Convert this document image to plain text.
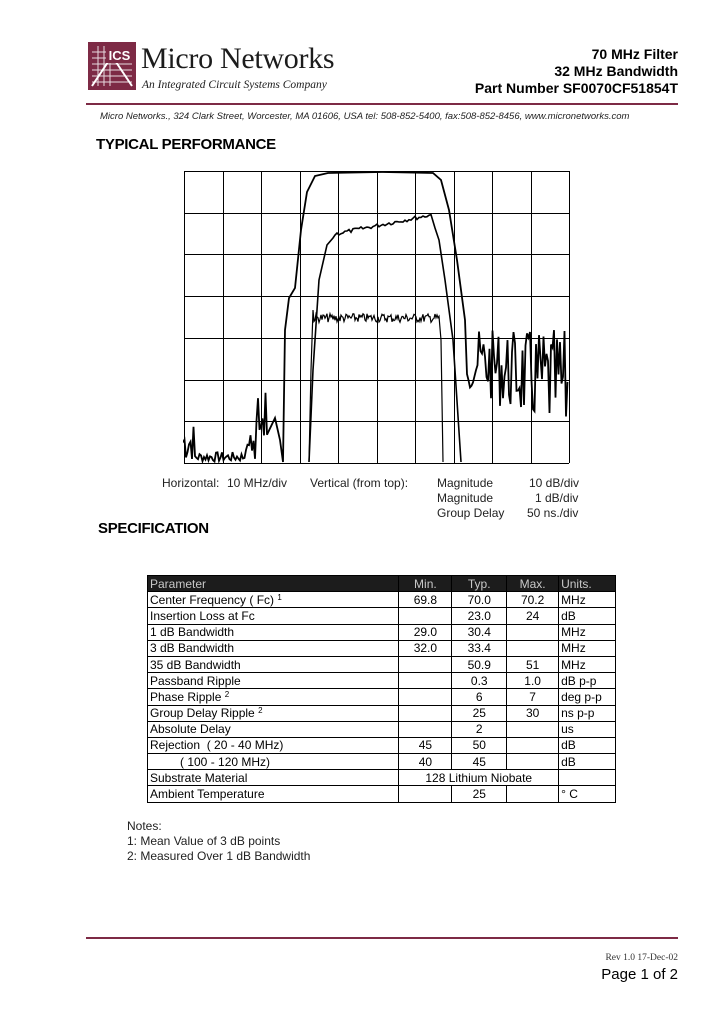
ICS Micro Networks
An Integrated Circuit Systems Company
70 MHz Filter
32 MHz Bandwidth
Part Number SF0070CF51854T
Micro Networks., 324 Clark Street, Worcester, MA 01606, USA tel: 508-852-5400, fax:508-852-8456, www.micronetworks.com
TYPICAL PERFORMANCE
Horizontal: 10 MHz/div Vertical (from top): Magnitude	10 dB/div
Magnitude	1 dB/div
Group Delay 50 ns./div
SPECIFICATION
Parameter	Min.	Typ.	Max.	Units.
Center Frequency ( Fc) $^1$	69.8	70.0	70.2	MHz
Insertion Loss at Fc		23.0	24	dB
1 dB Bandwidth	29.0	30.4		MHz
3 dB Bandwidth	32.0	33.4		MHz
35 dB Bandwidth		50.9	51	MHz
Passband Ripple		0.3	1.0	dB p-p
Phase Ripple $^2$		6	7	deg p-p
Group Delay Ripple $^2$		25	30	ns p-p
Absolute Delay		2		us
Rejection  ( 20 - 40 MHz)	45	50		dB
( 100 - 120 MHz)	40	45		dB
Substrate Material	128 Lithium Niobate			
Ambient Temperature		25		° C
Notes:
1: Mean Value of 3 dB points
2: Measured Over 1 dB Bandwidth
Rev 1.0 17-Dec-02
Page 1 of 2
